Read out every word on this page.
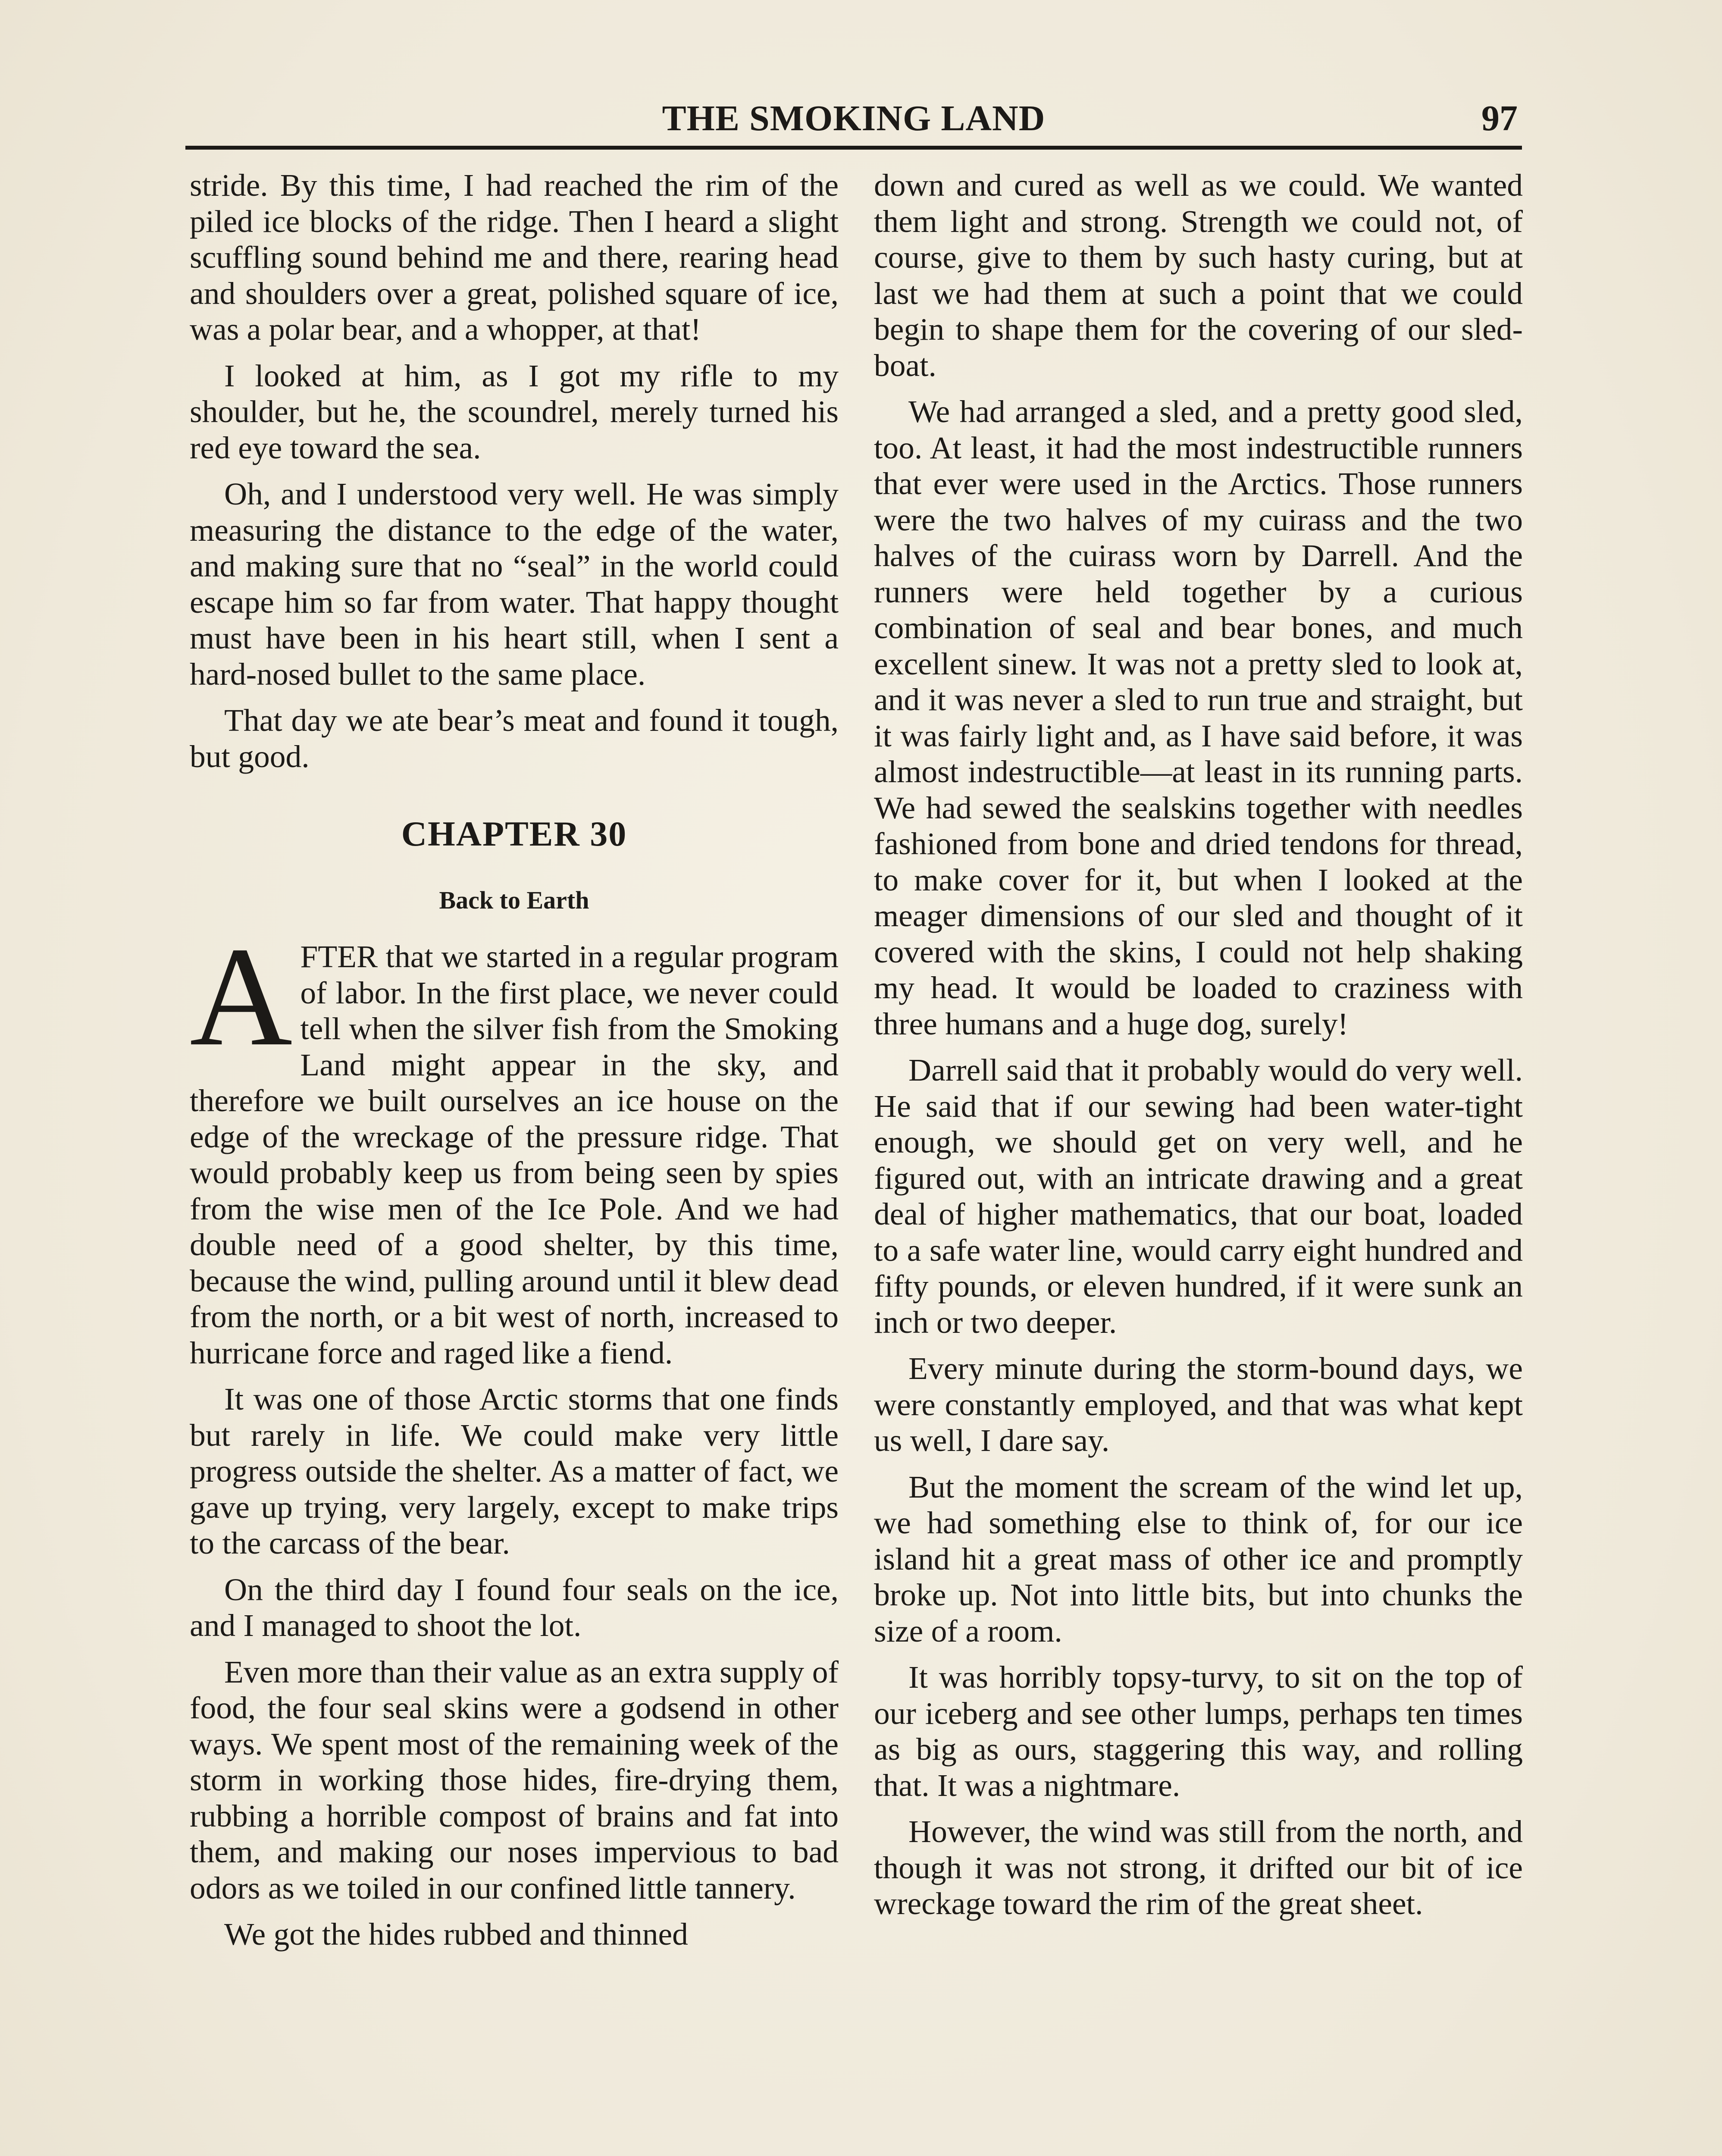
THE SMOKING LAND	97

stride. By this time, I had reached the rim of the piled ice blocks of the ridge. Then I heard a slight scuffling sound behind me and there, rearing head and shoulders over a great, polished square of ice, was a polar bear, and a whopper, at that!

I looked at him, as I got my rifle to my shoulder, but he, the scoundrel, merely turned his red eye toward the sea.

Oh, and I understood very well. He was simply measuring the distance to the edge of the water, and making sure that no “seal” in the world could escape him so far from water. That happy thought must have been in his heart still, when I sent a hard-nosed bullet to the same place.

That day we ate bear’s meat and found it tough, but good.

CHAPTER 30
Back to Earth

AFTER that we started in a regular program of labor. In the first place, we never could tell when the silver fish from the Smoking Land might appear in the sky, and therefore we built ourselves an ice house on the edge of the wreckage of the pressure ridge. That would probably keep us from being seen by spies from the wise men of the Ice Pole. And we had double need of a good shelter, by this time, because the wind, pulling around until it blew dead from the north, or a bit west of north, increased to hurricane force and raged like a fiend.

It was one of those Arctic storms that one finds but rarely in life. We could make very little progress outside the shelter. As a matter of fact, we gave up trying, very largely, except to make trips to the carcass of the bear.

On the third day I found four seals on the ice, and I managed to shoot the lot.

Even more than their value as an extra supply of food, the four seal skins were a godsend in other ways. We spent most of the remaining week of the storm in working those hides, fire-drying them, rubbing a horrible compost of brains and fat into them, and making our noses impervious to bad odors as we toiled in our confined little tannery.

We got the hides rubbed and thinned

down and cured as well as we could. We wanted them light and strong. Strength we could not, of course, give to them by such hasty curing, but at last we had them at such a point that we could begin to shape them for the covering of our sled-boat.

We had arranged a sled, and a pretty good sled, too. At least, it had the most indestructible runners that ever were used in the Arctics. Those runners were the two halves of my cuirass and the two halves of the cuirass worn by Darrell. And the runners were held together by a curious combination of seal and bear bones, and much excellent sinew. It was not a pretty sled to look at, and it was never a sled to run true and straight, but it was fairly light and, as I have said before, it was almost indestructible—at least in its running parts. We had sewed the sealskins together with needles fashioned from bone and dried tendons for thread, to make cover for it, but when I looked at the meager dimensions of our sled and thought of it covered with the skins, I could not help shaking my head. It would be loaded to craziness with three humans and a huge dog, surely!

Darrell said that it probably would do very well. He said that if our sewing had been water-tight enough, we should get on very well, and he figured out, with an intricate drawing and a great deal of higher mathematics, that our boat, loaded to a safe water line, would carry eight hundred and fifty pounds, or eleven hundred, if it were sunk an inch or two deeper.

Every minute during the storm-bound days, we were constantly employed, and that was what kept us well, I dare say.

But the moment the scream of the wind let up, we had something else to think of, for our ice island hit a great mass of other ice and promptly broke up. Not into little bits, but into chunks the size of a room.

It was horribly topsy-turvy, to sit on the top of our iceberg and see other lumps, perhaps ten times as big as ours, staggering this way, and rolling that. It was a nightmare.

However, the wind was still from the north, and though it was not strong, it drifted our bit of ice wreckage toward the rim of the great sheet.
